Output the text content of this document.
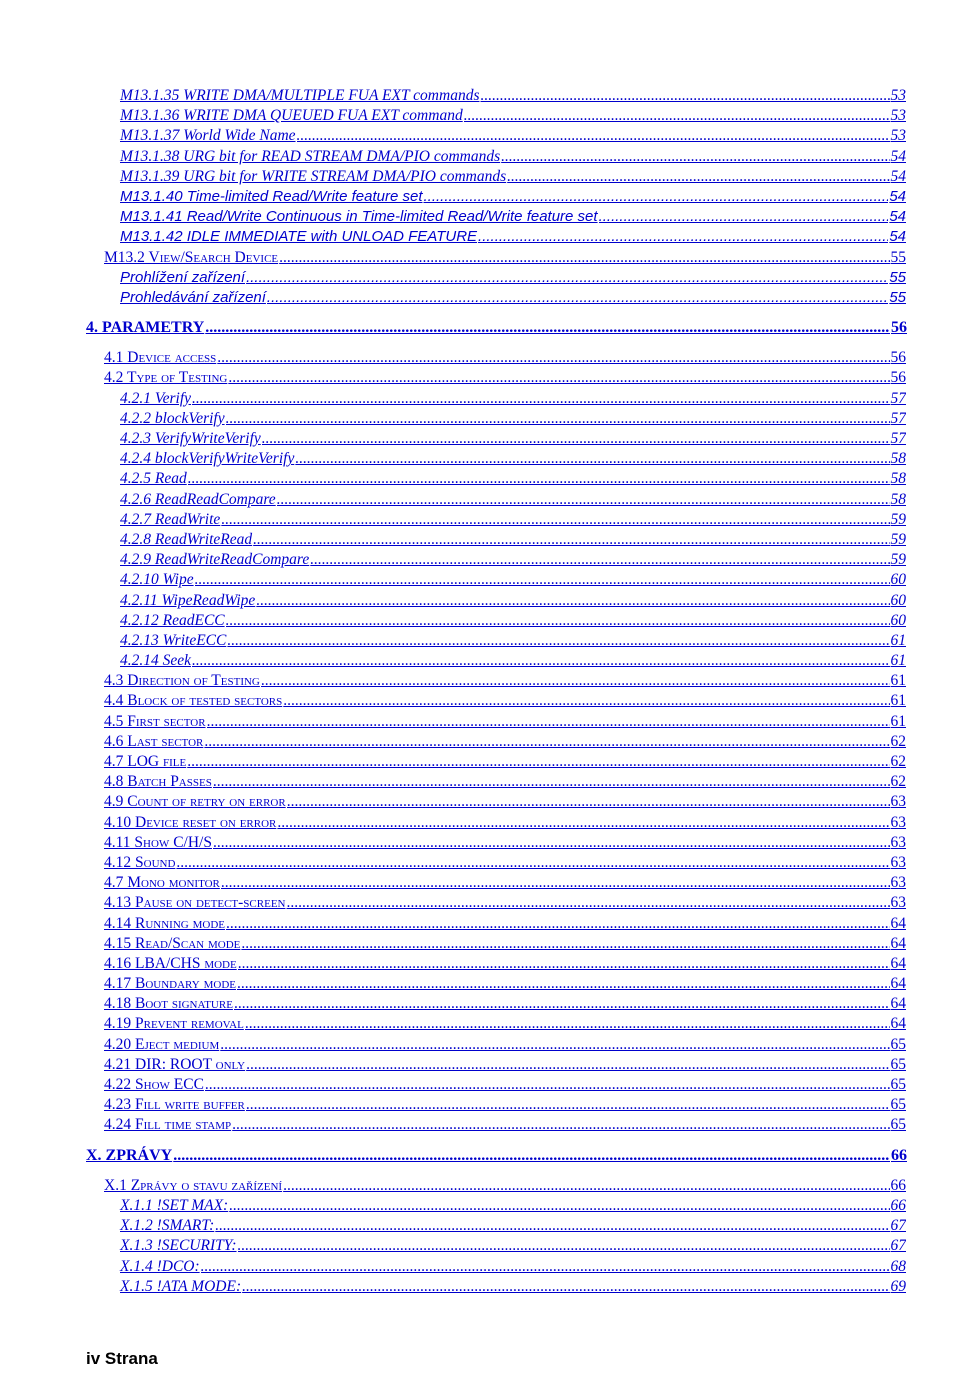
M13.1.35 WRITE DMA/MULTIPLE FUA EXT commands .....	53
M13.1.36 WRITE DMA QUEUED FUA EXT command .....	53
M13.1.37 World Wide Name .....	53
M13.1.38 URG bit for READ STREAM DMA/PIO commands .....	54
M13.1.39 URG bit for WRITE STREAM DMA/PIO commands .....	54
M13.1.40 Time-limited Read/Write feature set .....	54
M13.1.41 Read/Write Continuous in Time-limited Read/Write feature set .....	54
M13.1.42 IDLE IMMEDIATE with UNLOAD FEATURE .....	54
M13.2 View/Search Device .....	55
Prohlížení zařízení .....	55
Prohledávání zařízení .....	55
4. PARAMETRY .....	56
4.1 Device access .....	56
4.2 Type of Testing .....	56
4.2.1 Verify .....	57
4.2.2 blockVerify .....	57
4.2.3 VerifyWriteVerify .....	57
4.2.4 blockVerifyWriteVerify .....	58
4.2.5 Read .....	58
4.2.6 ReadReadCompare .....	58
4.2.7 ReadWrite .....	59
4.2.8 ReadWriteRead .....	59
4.2.9 ReadWriteReadCompare .....	59
4.2.10 Wipe .....	60
4.2.11 WipeReadWipe .....	60
4.2.12 ReadECC .....	60
4.2.13 WriteECC .....	61
4.2.14 Seek .....	61
4.3 Direction of Testing .....	61
4.4 Block of tested sectors .....	61
4.5 First sector .....	61
4.6 Last sector .....	62
4.7 LOG file .....	62
4.8 Batch Passes .....	62
4.9 Count of retry on error .....	63
4.10 Device reset on error .....	63
4.11 Show C/H/S .....	63
4.12 Sound .....	63
4.7 Mono monitor .....	63
4.13 Pause on detect-screen .....	63
4.14 Running mode .....	64
4.15 Read/Scan mode .....	64
4.16 LBA/CHS mode .....	64
4.17 Boundary mode .....	64
4.18 Boot signature .....	64
4.19 Prevent removal .....	64
4.20 Eject medium .....	65
4.21 DIR: ROOT only .....	65
4.22 Show ECC .....	65
4.23 Fill write buffer .....	65
4.24 Fill time stamp .....	65
X. ZPRÁVY .....	66
X.1 Zprávy o stavu zařízení .....	66
X.1.1 !SET MAX: .....	66
X.1.2 !SMART: .....	67
X.1.3 !SECURITY: .....	67
X.1.4 !DCO: .....	68
X.1.5 !ATA MODE: .....	69
iv Strana
